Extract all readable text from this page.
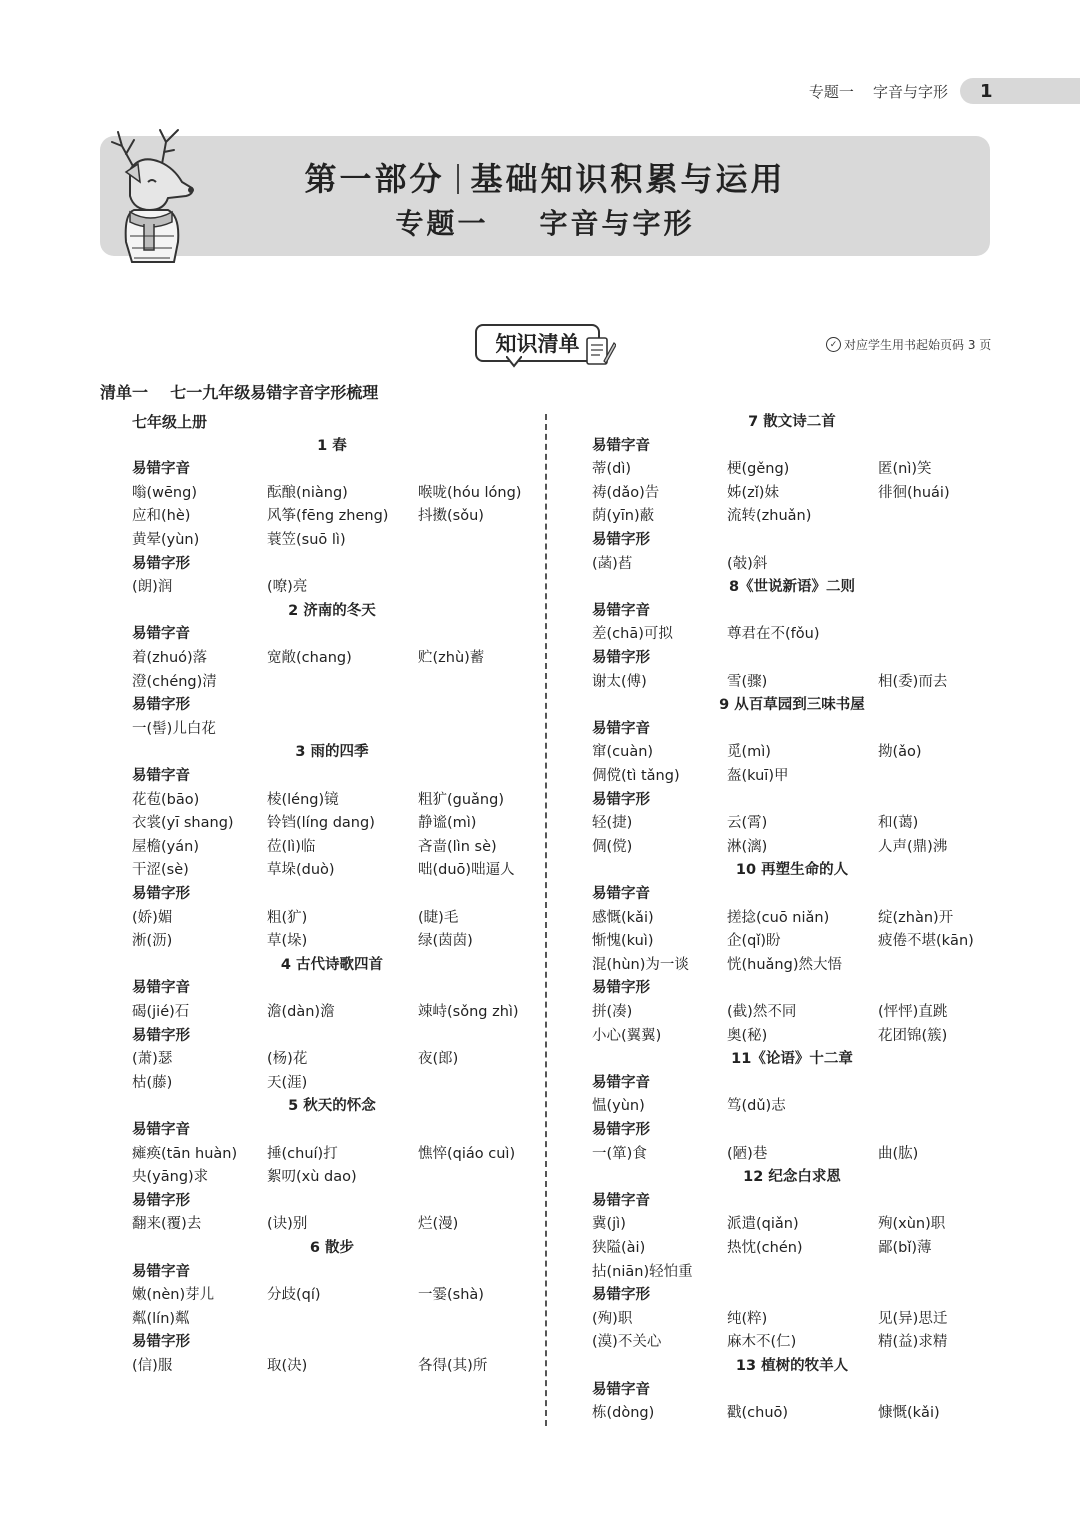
专题一    字音与字形	1
第一部分 基础知识积累与运用
专题一    字音与字形
知识清单	✓ 对应学生用书起始页码 3 页
清单一    七一九年级易错字音字形梳理
七年级上册
1 春
易错字音
嗡(wēng)	酝酿(niàng)	喉咙(hóu lóng)
应和(hè)	风筝(fēng zheng) 抖擞(sǒu)
黄晕(yùn)	蓑笠(suō lì)
易错字形
(朗)润	(嘹)亮
2 济南的冬天
易错字音
着(zhuó)落	宽敞(chang)	贮(zhù)蓄
澄(chéng)清
易错字形
一(髻)儿白花
3 雨的四季
易错字音
花苞(bāo)	棱(léng)镜	粗犷(guǎng)
衣裳(yī shang) 铃铛(líng dang)	静谧(mì)
屋檐(yán)	莅(lì)临	吝啬(lìn sè)
干涩(sè)	草垛(duò)	咄(duō)咄逼人
易错字形
(娇)媚	粗(犷)	(睫)毛
淅(沥)	草(垛)	绿(茵茵)
4 古代诗歌四首
易错字音
碣(jié)石	澹(dàn)澹	竦峙(sǒng zhì)
易错字形
(萧)瑟	(杨)花	夜(郎)
枯(藤)	天(涯)
5 秋天的怀念
易错字音
瘫痪(tān huàn) 捶(chuí)打	憔悴(qiáo cuì)
央(yāng)求	絮叨(xù dao)
易错字形
翻来(覆)去	(诀)别	烂(漫)
6 散步
易错字音
嫩(nèn)芽儿	分歧(qí)	一霎(shà)
粼(lín)粼
易错字形
(信)服	取(决)	各得(其)所
7 散文诗二首
易错字音
蒂(dì)	梗(gěng)	匿(nì)笑
祷(dǎo)告	姊(zǐ)妹	徘徊(huái)
荫(yīn)蔽	流转(zhuǎn)
易错字形
(菡)萏	(攲)斜
8《世说新语》二则
易错字音
差(chā)可拟	尊君在不(fǒu)
易错字形
谢太(傅)	雪(骤)	相(委)而去
9 从百草园到三味书屋
易错字音
窜(cuàn)	觅(mì)	拗(ǎo)
倜傥(tì tǎng)	盔(kuī)甲
易错字形
轻(捷)	云(霄)	和(蔼)
倜(傥)	淋(漓)	人声(鼎)沸
10 再塑生命的人
易错字音
感慨(kǎi)	搓捻(cuō niǎn)	绽(zhàn)开
惭愧(kuì)	企(qǐ)盼	疲倦不堪(kān)
混(hùn)为一谈	恍(huǎng)然大悟
易错字形
拼(凑)	(截)然不同	(怦怦)直跳
小心(翼翼)	奥(秘)	花团锦(簇)
11《论语》十二章
易错字音
愠(yùn)	笃(dǔ)志
易错字形
一(箪)食	(陋)巷	曲(肱)
12 纪念白求恩
易错字音
冀(jì)	派遣(qiǎn)	殉(xùn)职
狭隘(ài)	热忱(chén)	鄙(bǐ)薄
拈(niān)轻怕重
易错字形
(殉)职	纯(粹)	见(异)思迁
(漠)不关心	麻木不(仁)	精(益)求精
13 植树的牧羊人
易错字音
栋(dòng)	戳(chuō)	慷慨(kǎi)
